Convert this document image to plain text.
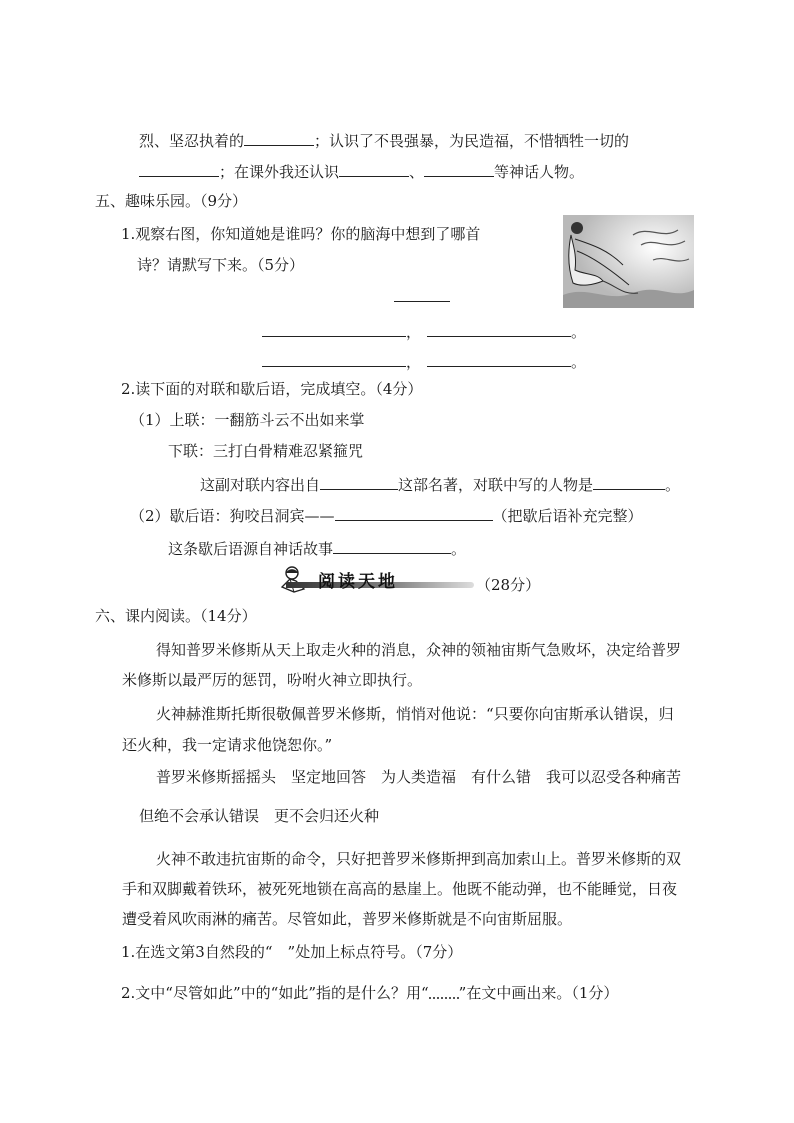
烈、坚忍执着的	；认识了不畏强暴，为民造福，不惜牺牲一切的
；在课外我还认识	、	等神话人物。
五、趣味乐园。（9分）
1.观察右图，你知道她是谁吗？你的脑海中想到了哪首
诗？请默写下来。（5分）
，	。
，	。
2.读下面的对联和歇后语，完成填空。（4分）
（1）上联：一翻筋斗云不出如来掌
下联：三打白骨精难忍紧箍咒
这副对联内容出自	这部名著，对联中写的人物是	。
（2）歇后语：狗咬吕洞宾——	（把歇后语补充完整）
这条歇后语源自神话故事	。
阅读天地	（28分）
六、课内阅读。（14分）
得知普罗米修斯从天上取走火种的消息，众神的领袖宙斯气急败坏，决定给普罗
米修斯以最严厉的惩罚，吩咐火神立即执行。
火神赫淮斯托斯很敬佩普罗米修斯，悄悄对他说：“只要你向宙斯承认错误，归
还火种，我一定请求他饶恕你。”
普罗米修斯摇摇头　坚定地回答　为人类造福　有什么错　我可以忍受各种痛苦
但绝不会承认错误　更不会归还火种
火神不敢违抗宙斯的命令，只好把普罗米修斯押到高加索山上。普罗米修斯的双
手和双脚戴着铁环，被死死地锁在高高的悬崖上。他既不能动弹，也不能睡觉，日夜
遭受着风吹雨淋的痛苦。尽管如此，普罗米修斯就是不向宙斯屈服。
1.在选文第3自然段的“　”处加上标点符号。（7分）
2.文中“尽管如此”中的“如此”指的是什么？用“ ”在文中画出来。（1分）
